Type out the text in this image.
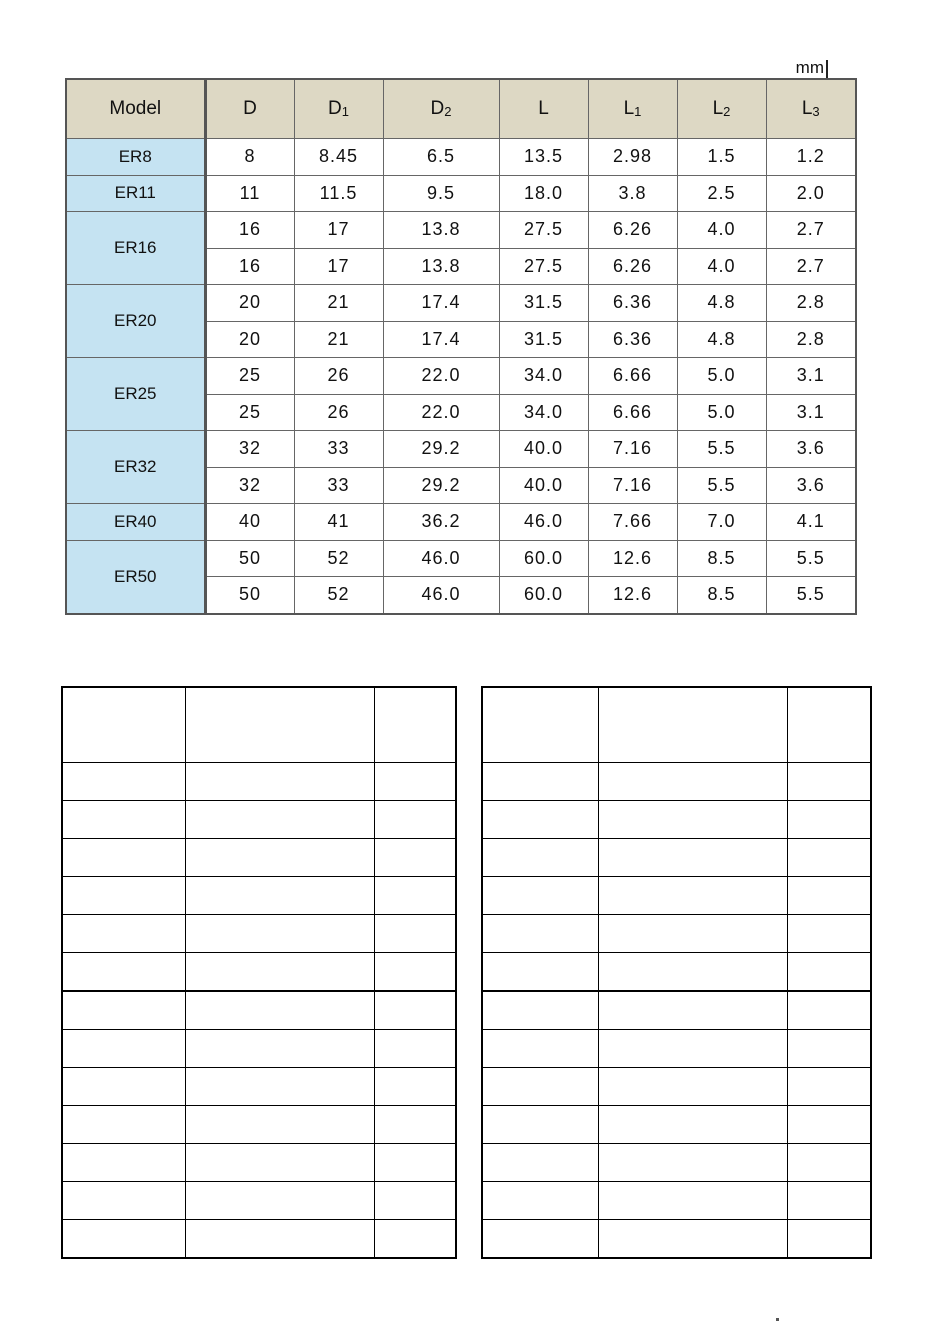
mm
Model	D	D1	D2	L	L1	L2	L3
ER8	8	8.45	6.5	13.5	2.98	1.5	1.2
ER11	11	11.5	9.5	18.0	3.8	2.5	2.0
ER16	16	17	13.8	27.5	6.26	4.0	2.7
	16	17	13.8	27.5	6.26	4.0	2.7
ER20	20	21	17.4	31.5	6.36	4.8	2.8
	20	21	17.4	31.5	6.36	4.8	2.8
ER25	25	26	22.0	34.0	6.66	5.0	3.1
	25	26	22.0	34.0	6.66	5.0	3.1
ER32	32	33	29.2	40.0	7.16	5.5	3.6
	32	33	29.2	40.0	7.16	5.5	3.6
ER40	40	41	36.2	46.0	7.66	7.0	4.1
ER50	50	52	46.0	60.0	12.6	8.5	5.5
	50	52	46.0	60.0	12.6	8.5	5.5
